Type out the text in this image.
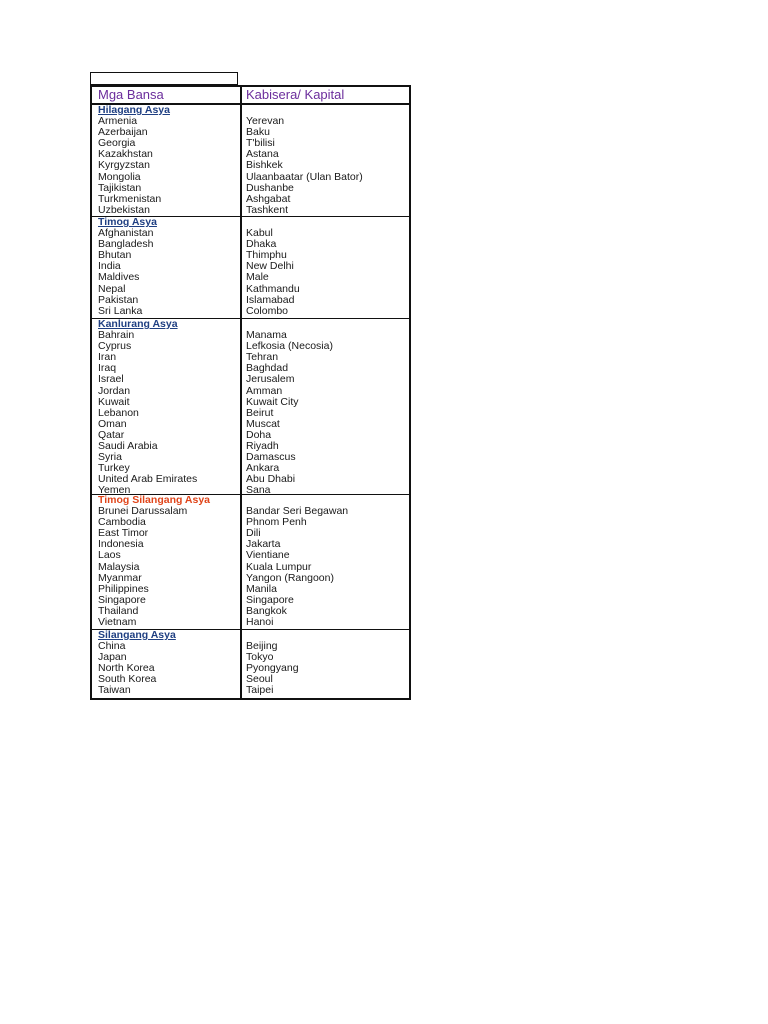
Mga Bansa	Kabisera/ Kapital
Hilagang Asya
Armenia	Yerevan
Azerbaijan	Baku
Georgia	T'bilisi
Kazakhstan	Astana
Kyrgyzstan	Bishkek
Mongolia	Ulaanbaatar (Ulan Bator)
Tajikistan	Dushanbe
Turkmenistan	Ashgabat
Uzbekistan	Tashkent
Timog Asya
Afghanistan	Kabul
Bangladesh	Dhaka
Bhutan	Thimphu
India	New Delhi
Maldives	Male
Nepal	Kathmandu
Pakistan	Islamabad
Sri Lanka	Colombo
Kanlurang Asya
Bahrain	Manama
Cyprus	Lefkosia (Necosia)
Iran	Tehran
Iraq	Baghdad
Israel	Jerusalem
Jordan	Amman
Kuwait	Kuwait City
Lebanon	Beirut
Oman	Muscat
Qatar	Doha
Saudi Arabia	Riyadh
Syria	Damascus
Turkey	Ankara
United Arab Emirates	Abu Dhabi
Yemen	Sana
Timog Silangang Asya
Brunei Darussalam	Bandar Seri Begawan
Cambodia	Phnom Penh
East Timor	Dili
Indonesia	Jakarta
Laos	Vientiane
Malaysia	Kuala Lumpur
Myanmar	Yangon (Rangoon)
Philippines	Manila
Singapore	Singapore
Thailand	Bangkok
Vietnam	Hanoi
Silangang Asya
China	Beijing
Japan	Tokyo
North Korea	Pyongyang
South Korea	Seoul
Taiwan	Taipei
